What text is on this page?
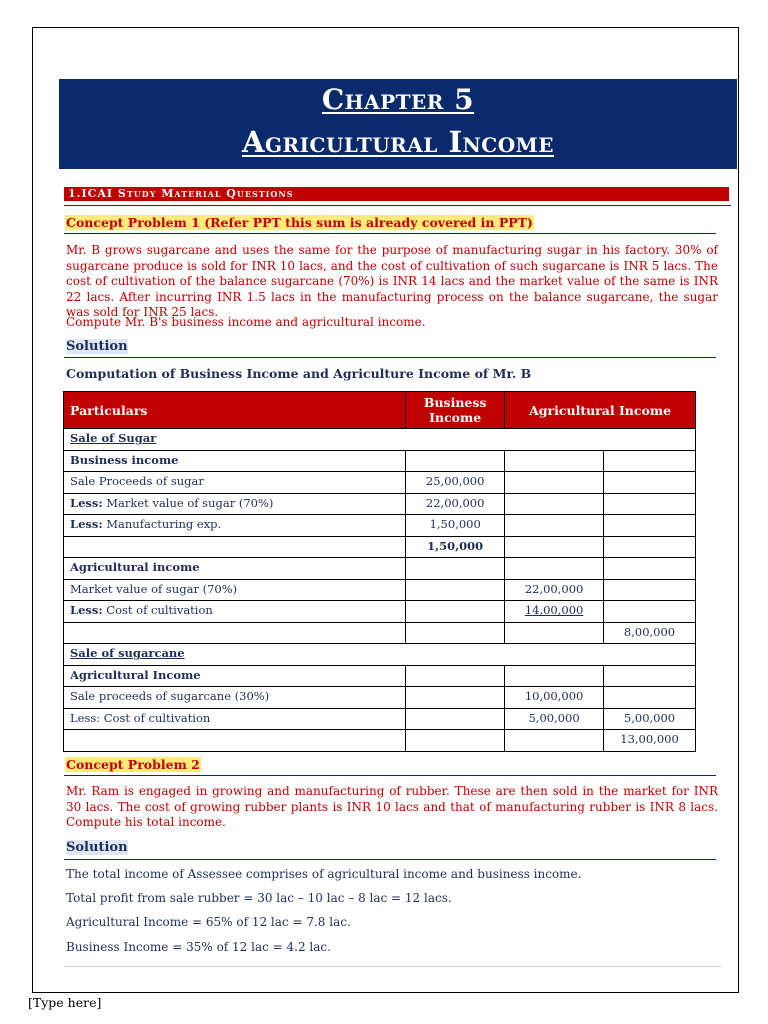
Chapter 5
Agricultural Income
1.ICAI Study Material Questions
Concept Problem 1 (Refer PPT this sum is already covered in PPT)
Mr. B grows sugarcane and uses the same for the purpose of manufacturing sugar in his factory. 30% of sugarcane produce is sold for INR 10 lacs, and the cost of cultivation of such sugarcane is INR 5 lacs. The cost of cultivation of the balance sugarcane (70%) is INR 14 lacs and the market value of the same is INR 22 lacs. After incurring INR 1.5 lacs in the manufacturing process on the balance sugarcane, the sugar was sold for INR 25 lacs.
Compute Mr. B's business income and agricultural income.
Solution
Computation of Business Income and Agriculture Income of Mr. B
Particulars	Business Income	Agricultural Income	
Sale of Sugar			
Business income			
Sale Proceeds of sugar	25,00,000		
Less: Market value of sugar (70%)	22,00,000		
Less: Manufacturing exp.	1,50,000		
	1,50,000		
Agricultural income			
Market value of sugar (70%)		22,00,000	
Less: Cost of cultivation		14,00,000	
			8,00,000
Sale of sugarcane			
Agricultural Income			
Sale proceeds of sugarcane (30%)		10,00,000	
Less: Cost of cultivation		5,00,000	5,00,000
			13,00,000
Concept Problem 2
Mr. Ram is engaged in growing and manufacturing of rubber. These are then sold in the market for INR 30 lacs. The cost of growing rubber plants is INR 10 lacs and that of manufacturing rubber is INR 8 lacs. Compute his total income.
Solution
The total income of Assessee comprises of agricultural income and business income.
Total profit from sale rubber = 30 lac – 10 lac – 8 lac = 12 lacs.
Agricultural Income = 65% of 12 lac = 7.8 lac.
Business Income = 35% of 12 lac = 4.2 lac.
[Type here]
